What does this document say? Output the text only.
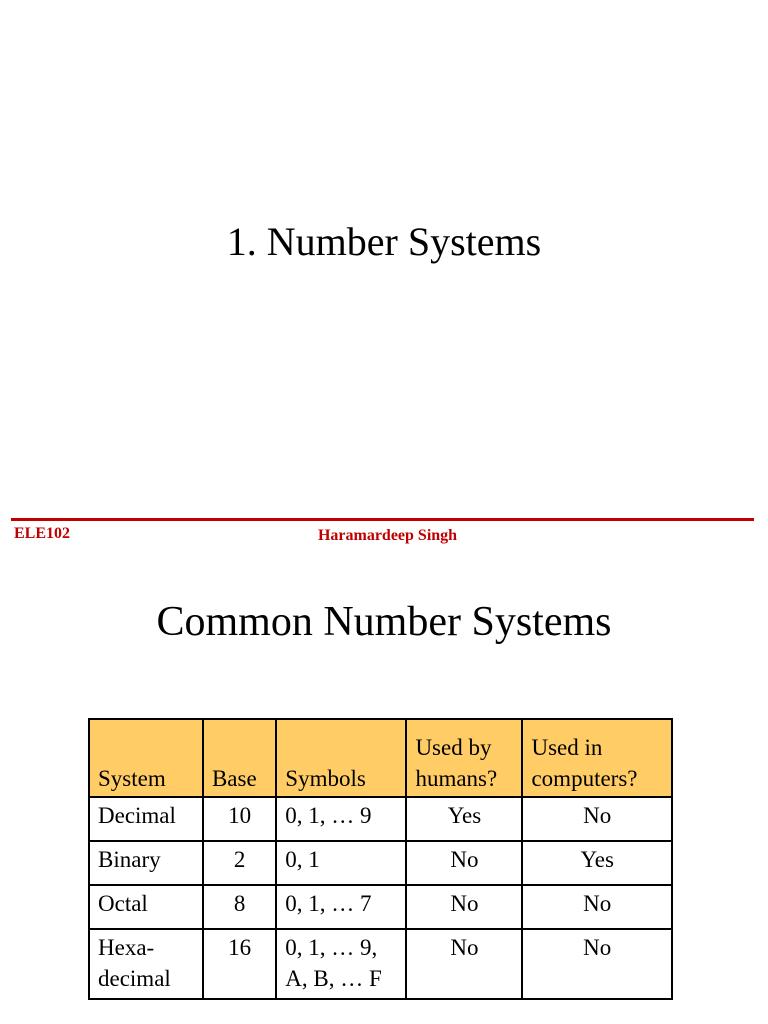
1. Number Systems
ELE102	Haramardeep Singh
Common Number Systems
System	Base	Symbols	Used by humans?	Used in computers?
Decimal	10	0, 1, … 9	Yes	No
Binary	2	0, 1	No	Yes
Octal	8	0, 1, … 7	No	No
Hexa-decimal	16	0, 1, … 9, A, B, … F	No	No
